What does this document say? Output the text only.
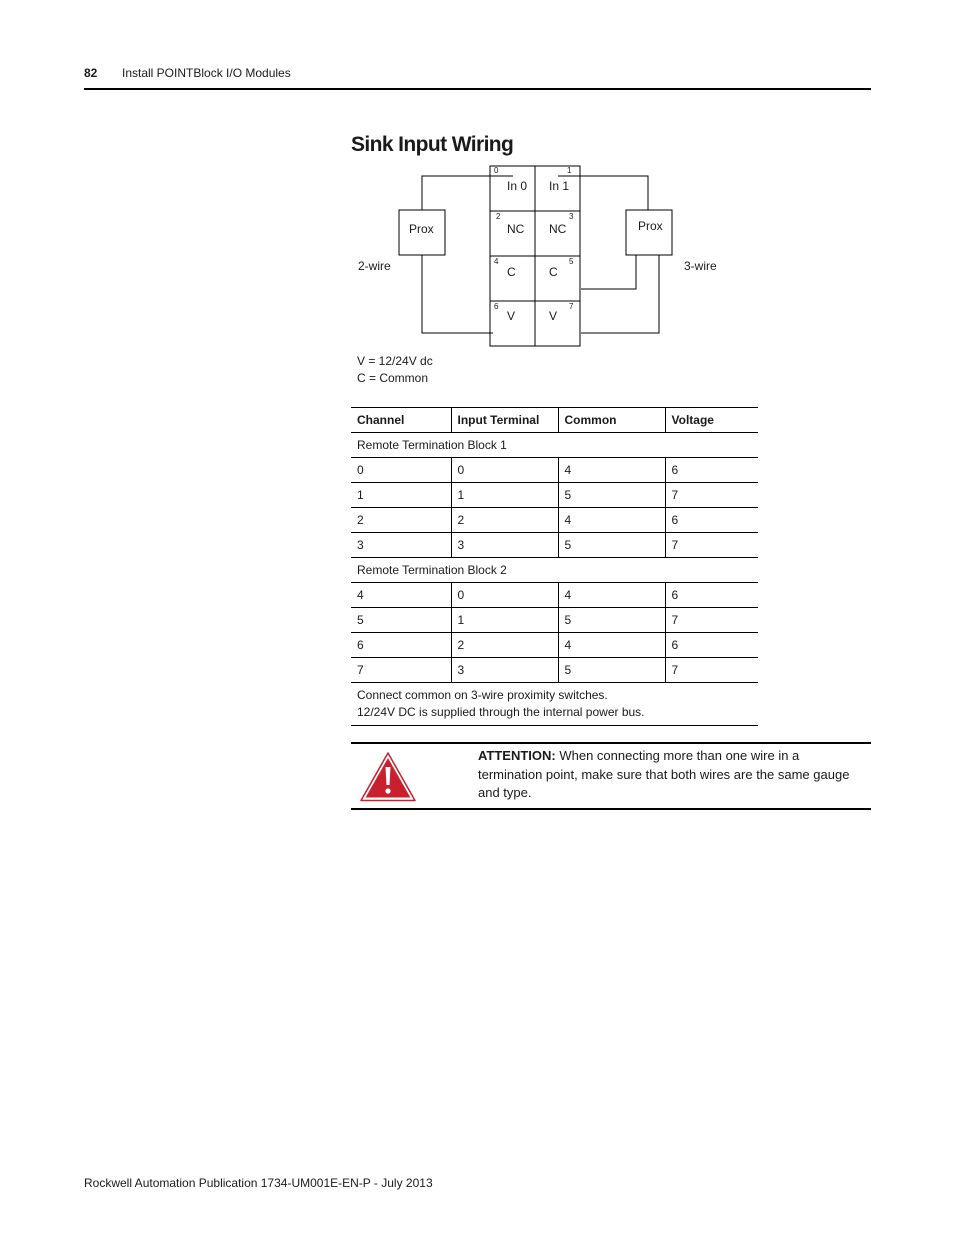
82 Install POINTBlock I/O Modules
Sink Input Wiring
0	1
2	3
4	5
6	7
In 0 In 1
NC NC
C	C
V	V
Prox	Prox
2-wire	3-wire
V = 12/24V dc
C = Common
Channel	Input Terminal	Common	Voltage
Remote Termination Block 1			
0	0	4	6
1	1	5	7
2	2	4	6
3	3	5	7
Remote Termination Block 2			
4	0	4	6
5	1	5	7
6	2	4	6
7	3	5	7

Connect common on 3-wire proximity switches.
12/24V DC is supplied through the internal power bus.			
ATTENTION: When connecting more than one wire in a termination point, make sure that both wires are the same gauge and type.
Rockwell Automation Publication 1734-UM001E-EN-P - July 2013
